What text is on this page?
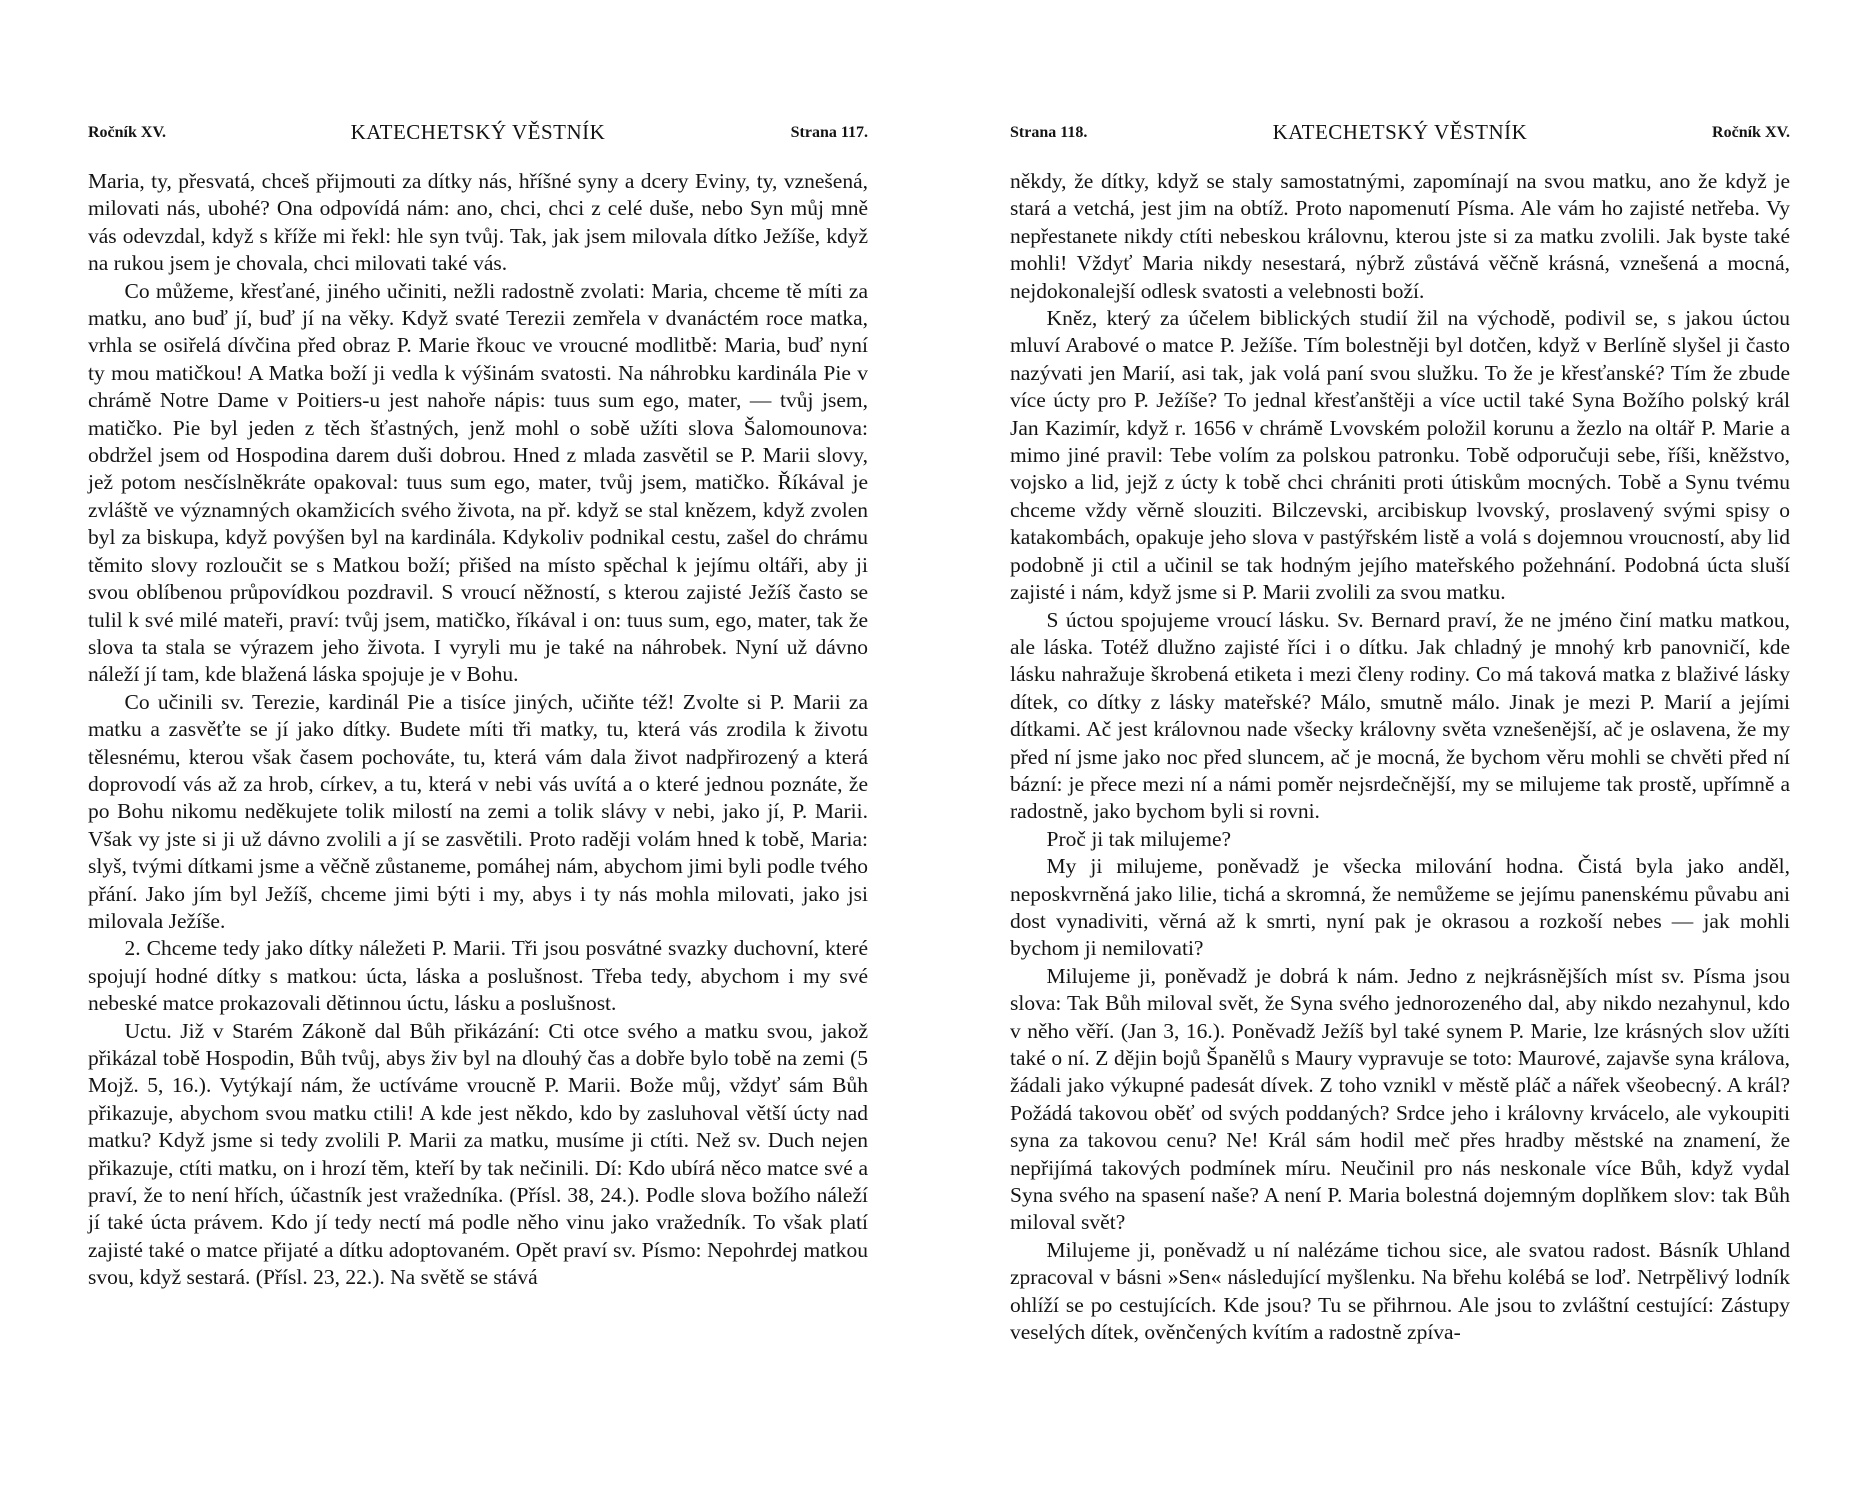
Ročník XV.	KATECHETSKÝ VĚSTNÍK	Strana 117.

Maria, ty, přesvatá, chceš přijmouti za dítky nás, hříšné syny a dcery Eviny, ty, vznešená, milovati nás, ubohé? Ona odpovídá nám: ano, chci, chci z celé duše, nebo Syn můj mně vás odevzdal, když s kříže mi řekl: hle syn tvůj. Tak, jak jsem milovala dítko Ježíše, když na rukou jsem je chovala, chci milovati také vás.

Co můžeme, křesťané, jiného učiniti, nežli radostně zvolati: Maria, chceme tě míti za matku, ano buď jí, buď jí na věky. Když svaté Terezii zemřela v dvanáctém roce matka, vrhla se osiřelá dívčina před obraz P. Marie řkouc ve vroucné modlitbě: Maria, buď nyní ty mou matičkou! A Matka boží ji vedla k výšinám svatosti. Na náhrobku kardinála Pie v chrámě Notre Dame v Poitiers-u jest nahoře nápis: tuus sum ego, mater, — tvůj jsem, matičko. Pie byl jeden z těch šťastných, jenž mohl o sobě užíti slova Šalomounova: obdržel jsem od Hospodina darem duši dobrou. Hned z mlada zasvětil se P. Marii slovy, jež potom nesčíslněkráte opakoval: tuus sum ego, mater, tvůj jsem, matičko. Říkával je zvláště ve významných okamžicích svého života, na př. když se stal knězem, když zvolen byl za biskupa, když povýšen byl na kardinála. Kdykoliv podnikal cestu, zašel do chrámu těmito slovy rozloučit se s Matkou boží; přišed na místo spěchal k jejímu oltáři, aby ji svou oblíbenou průpovídkou pozdravil. S vroucí něžností, s kterou zajisté Ježíš často se tulil k své milé mateři, praví: tvůj jsem, matičko, říkával i on: tuus sum, ego, mater, tak že slova ta stala se výrazem jeho života. I vyryli mu je také na náhrobek. Nyní už dávno náleží jí tam, kde blažená láska spojuje je v Bohu.

Co učinili sv. Terezie, kardinál Pie a tisíce jiných, učiňte též! Zvolte si P. Marii za matku a zasvěťte se jí jako dítky. Budete míti tři matky, tu, která vás zrodila k životu tělesnému, kterou však časem pochováte, tu, která vám dala život nadpřirozený a která doprovodí vás až za hrob, církev, a tu, která v nebi vás uvítá a o které jednou poznáte, že po Bohu nikomu neděkujete tolik milostí na zemi a tolik slávy v nebi, jako jí, P. Marii. Však vy jste si ji už dávno zvolili a jí se zasvětili. Proto raději volám hned k tobě, Maria: slyš, tvými dítkami jsme a věčně zůstaneme, pomáhej nám, abychom jimi byli podle tvého přání. Jako jím byl Ježíš, chceme jimi býti i my, abys i ty nás mohla milovati, jako jsi milovala Ježíše.

2. Chceme tedy jako dítky náležeti P. Marii. Tři jsou posvátné svazky duchovní, které spojují hodné dítky s matkou: úcta, láska a poslušnost. Třeba tedy, abychom i my své nebeské matce prokazovali dětinnou úctu, lásku a poslušnost.

Uctu. Již v Starém Zákoně dal Bůh přikázání: Cti otce svého a matku svou, jakož přikázal tobě Hospodin, Bůh tvůj, abys živ byl na dlouhý čas a dobře bylo tobě na zemi (5 Mojž. 5, 16.). Vytýkají nám, že uctíváme vroucně P. Marii. Bože můj, vždyť sám Bůh přikazuje, abychom svou matku ctili! A kde jest někdo, kdo by zasluhoval větší úcty nad matku? Když jsme si tedy zvolili P. Marii za matku, musíme ji ctíti. Než sv. Duch nejen přikazuje, ctíti matku, on i hrozí těm, kteří by tak nečinili. Dí: Kdo ubírá něco matce své a praví, že to není hřích, účastník jest vražedníka. (Přísl. 38, 24.). Podle slova božího náleží jí také úcta právem. Kdo jí tedy nectí má podle něho vinu jako vražedník. To však platí zajisté také o matce přijaté a dítku adoptovaném. Opět praví sv. Písmo: Nepohrdej matkou svou, když sestará. (Přísl. 23, 22.). Na světě se stává

Strana 118.	KATECHETSKÝ VĚSTNÍK	Ročník XV.

někdy, že dítky, když se staly samostatnými, zapomínají na svou matku, ano že když je stará a vetchá, jest jim na obtíž. Proto napomenutí Písma. Ale vám ho zajisté netřeba. Vy nepřestanete nikdy ctíti nebeskou královnu, kterou jste si za matku zvolili. Jak byste také mohli! Vždyť Maria nikdy nesestará, nýbrž zůstává věčně krásná, vznešená a mocná, nejdokonalejší odlesk svatosti a velebnosti boží.

Kněz, který za účelem biblických studií žil na východě, podivil se, s jakou úctou mluví Arabové o matce P. Ježíše. Tím bolestněji byl dotčen, když v Berlíně slyšel ji často nazývati jen Marií, asi tak, jak volá paní svou služku. To že je křesťanské? Tím že zbude více úcty pro P. Ježíše? To jednal křesťanštěji a více uctil také Syna Božího polský král Jan Kazimír, když r. 1656 v chrámě Lvovském položil korunu a žezlo na oltář P. Marie a mimo jiné pravil: Tebe volím za polskou patronku. Tobě odporučuji sebe, říši, kněžstvo, vojsko a lid, jejž z úcty k tobě chci chrániti proti útiskům mocných. Tobě a Synu tvému chceme vždy věrně slouziti. Bilczevski, arcibiskup lvovský, proslavený svými spisy o katakombách, opakuje jeho slova v pastýřském listě a volá s dojemnou vroucností, aby lid podobně ji ctil a učinil se tak hodným jejího mateřského požehnání. Podobná úcta sluší zajisté i nám, když jsme si P. Marii zvolili za svou matku.

S úctou spojujeme vroucí lásku. Sv. Bernard praví, že ne jméno činí matku matkou, ale láska. Totéž dlužno zajisté říci i o dítku. Jak chladný je mnohý krb panovnic̆í, kde lásku nahražuje škrobená etiketa i mezi členy rodiny. Co má taková matka z blaživé lásky dítek, co dítky z lásky mateřské? Málo, smutně málo. Jinak je mezi P. Marií a jejími dítkami. Ač jest královnou nade všecky královny světa vznešenější, ač je oslavena, že my před ní jsme jako noc před sluncem, ač je mocná, že bychom věru mohli se chvěti před ní bázní: je přece mezi ní a námi poměr nejsrdečnější, my se milujeme tak prostě, upřímně a radostně, jako bychom byli si rovni.

Proč ji tak milujeme?

My ji milujeme, poněvadž je všecka milování hodna. Čistá byla jako anděl, neposkvrněná jako lilie, tichá a skromná, že nemůžeme se jejímu panenskému půvabu ani dost vynadiviti, věrná až k smrti, nyní pak je okrasou a rozkoší nebes — jak mohli bychom ji nemilovati?

Milujeme ji, poněvadž je dobrá k nám. Jedno z nejkrásnějších míst sv. Písma jsou slova: Tak Bůh miloval svět, že Syna svého jednorozeného dal, aby nikdo nezahynul, kdo v něho věří. (Jan 3, 16.). Poněvadž Ježíš byl také synem P. Marie, lze krásných slov užíti také o ní. Z dějin bojů Španělů s Maury vypravuje se toto: Maurové, zajavše syna králova, žádali jako výkupné padesát dívek. Z toho vznikl v městě pláč a nářek všeobecný. A král? Požádá takovou oběť od svých poddaných? Srdce jeho i královny krvácelo, ale vykoupiti syna za takovou cenu? Ne! Král sám hodil meč přes hradby městské na znamení, že nepřijímá takových podmínek míru. Neučinil pro nás neskonale více Bůh, když vydal Syna svého na spasení naše? A není P. Maria bolestná dojemným doplňkem slov: tak Bůh miloval svět?

Milujeme ji, poněvadž u ní nalézáme tichou sice, ale svatou radost. Básník Uhland zpracoval v básni »Sen« následující myšlenku. Na břehu kolébá se loď. Netrpělivý lodník ohlíží se po cestujících. Kde jsou? Tu se přihrnou. Ale jsou to zvláštní cestující: Zástupy veselých dítek, ověnčených kvítím a radostně zpíva-
